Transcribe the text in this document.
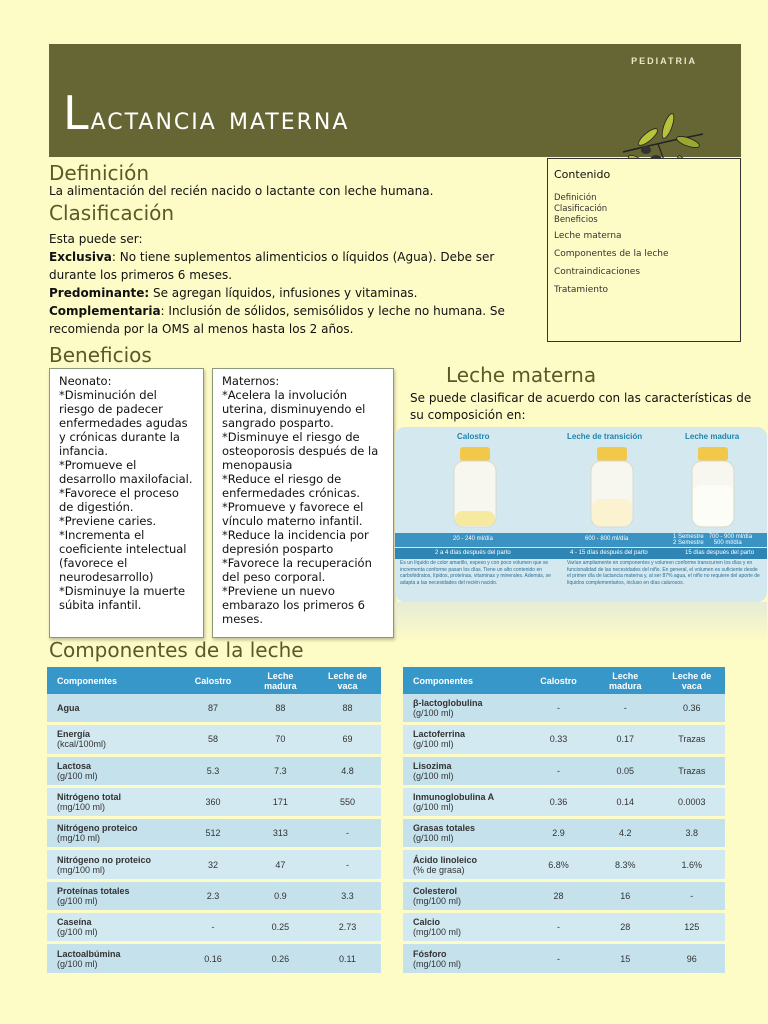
PEDIATRIA
Lactancia materna
Definición
La alimentación del recién nacido o lactante con leche humana.
Clasificación
Esta puede ser:
Exclusiva: No tiene suplementos alimenticios o líquidos (Agua). Debe ser durante los primeros 6 meses.
Predominante: Se agregan líquidos, infusiones y vitaminas.
Complementaria: Inclusión de sólidos, semisólidos y leche no humana. Se recomienda por la OMS al menos hasta los 2 años.
Contenido
Definición
Clasificación
Beneficios
Leche materna
Componentes de la leche
Contraindicaciones
Tratamiento
Beneficios
Neonato:
*Disminución del riesgo de padecer enfermedades agudas y crónicas durante la infancia.
*Promueve el desarrollo maxilofacial.
*Favorece el proceso de digestión.
*Previene caries.
*Incrementa el coeficiente intelectual (favorece el neurodesarrollo)
*Disminuye la muerte súbita infantil.
Maternos:
*Acelera la involución uterina, disminuyendo el sangrado posparto.
*Disminuye el riesgo de osteoporosis después de la menopausia
*Reduce el riesgo de enfermedades crónicas.
*Promueve y favorece el vínculo materno infantil.
*Reduce la incidencia por depresión posparto
*Favorece la recuperación del peso corporal.
*Previene un nuevo embarazo los primeros 6 meses.
Leche materna
Se puede clasificar de acuerdo con las características de su composición en:
Calostro	Leche de transición	Leche madura
20 - 240 ml/día	600 - 800 ml/día	1 Semestre 700 - 900 ml/día
2 Semestre 500 ml/día
2 a 4 días después del parto	4 - 15 días después del parto	15 días después del parto
Es un líquido de color amarillo, espeso y con poco volumen que se incrementa conforme pasan los días. Tiene un alto contenido en carbohidratos, lípidos, proteínas, vitaminas y minerales. Además, se adapta a las necesidades del recién nacido.
Varían ampliamente en componentes y volumen conforme transcurren los días y en funcionalidad de las necesidades del niño. En general, el volumen es suficiente desde el primer día de lactancia materna y, al ser 87% agua, el niño no requiere del aporte de líquidos complementarios, incluso en días calurosos.
Componentes de la leche
Componentes	Calostro	Leche madura	Leche de vaca
Agua	87	88	88
Energía
(kcal/100ml)	58	70	69
Lactosa
(g/100 ml)	5.3	7.3	4.8
Nitrógeno total
(mg/100 ml)	360	171	550
Nitrógeno proteico
(mg/10 ml)	512	313	-
Nitrógeno no proteico
(mg/100 ml)	32	47	-
Proteínas totales
(g/100 ml)	2.3	0.9	3.3
Caseína
(g/100 ml)	-	0.25	2.73
Lactoalbúmina
(g/100 ml)	0.16	0.26	0.11
Componentes	Calostro	Leche madura	Leche de vaca
β-lactoglobulina
(g/100 ml)	-	-	0.36
Lactoferrina
(g/100 ml)	0.33	0.17	Trazas
Lisozima
(g/100 ml)	-	0.05	Trazas
Inmunoglobulina A
(g/100 ml)	0.36	0.14	0.0003
Grasas totales
(g/100 ml)	2.9	4.2	3.8
Ácido linoleico
(% de grasa)	6.8%	8.3%	1.6%
Colesterol
(mg/100 ml)	28	16	-
Calcio
(mg/100 ml)	-	28	125
Fósforo
(mg/100 ml)	-	15	96
